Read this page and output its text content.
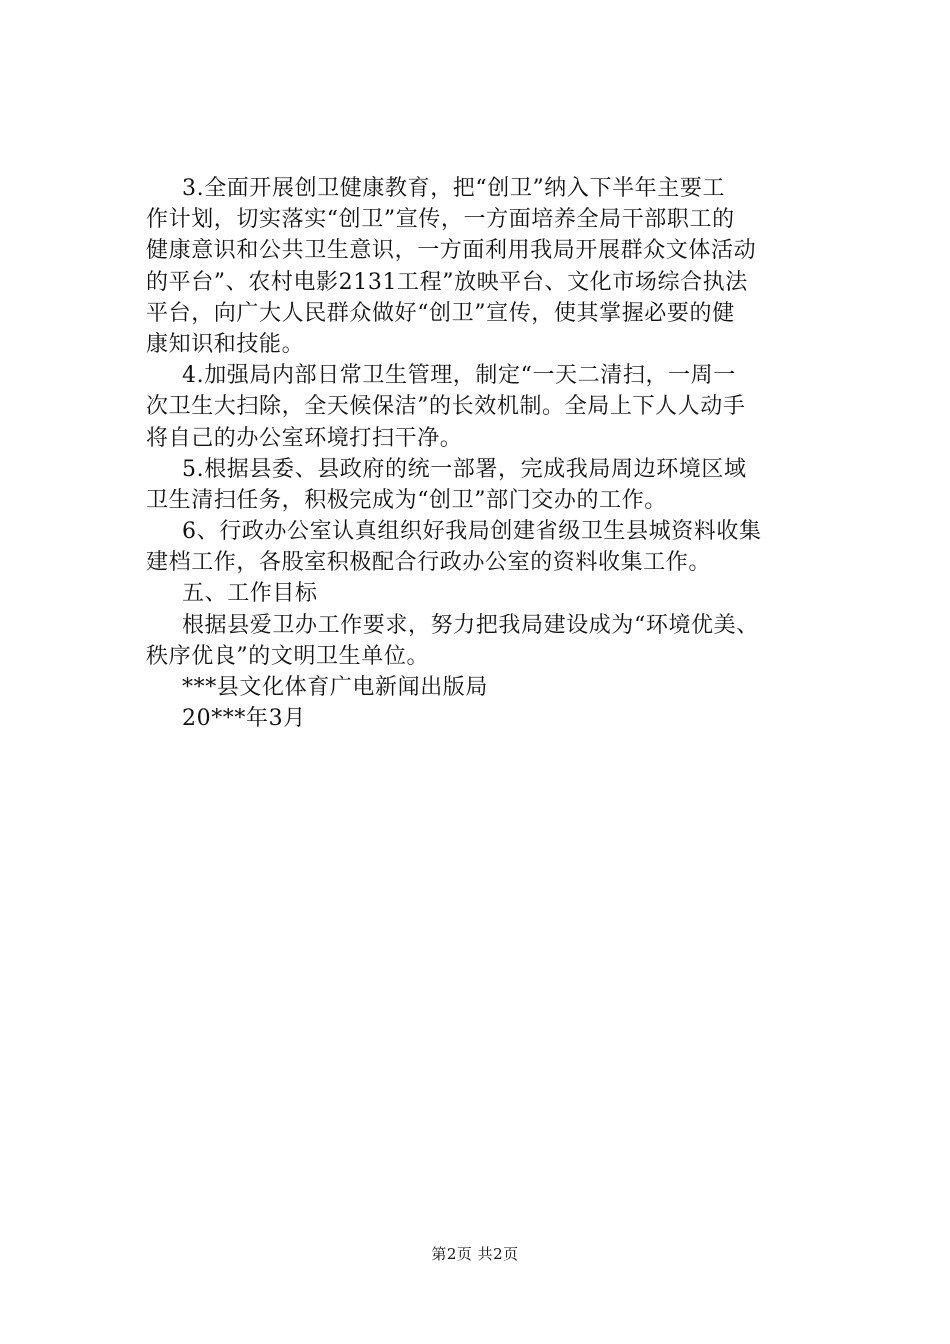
3.全面开展创卫健康教育，把“创卫”纳入下半年主要工
作计划，切实落实“创卫”宣传，一方面培养全局干部职工的
健康意识和公共卫生意识，一方面利用我局开展群众文体活动
的平台”、农村电影2131工程”放映平台、文化市场综合执法
平台，向广大人民群众做好“创卫”宣传，使其掌握必要的健
康知识和技能。
4.加强局内部日常卫生管理，制定“一天二清扫，一周一
次卫生大扫除，全天候保洁”的长效机制。全局上下人人动手
将自己的办公室环境打扫干净。
5.根据县委、县政府的统一部署，完成我局周边环境区域
卫生清扫任务，积极完成为“创卫”部门交办的工作。
6、行政办公室认真组织好我局创建省级卫生县城资料收集
建档工作，各股室积极配合行政办公室的资料收集工作。
五、工作目标
根据县爱卫办工作要求，努力把我局建设成为“环境优美、
秩序优良”的文明卫生单位。
***县文化体育广电新闻出版局
20***年3月
第2页 共2页
